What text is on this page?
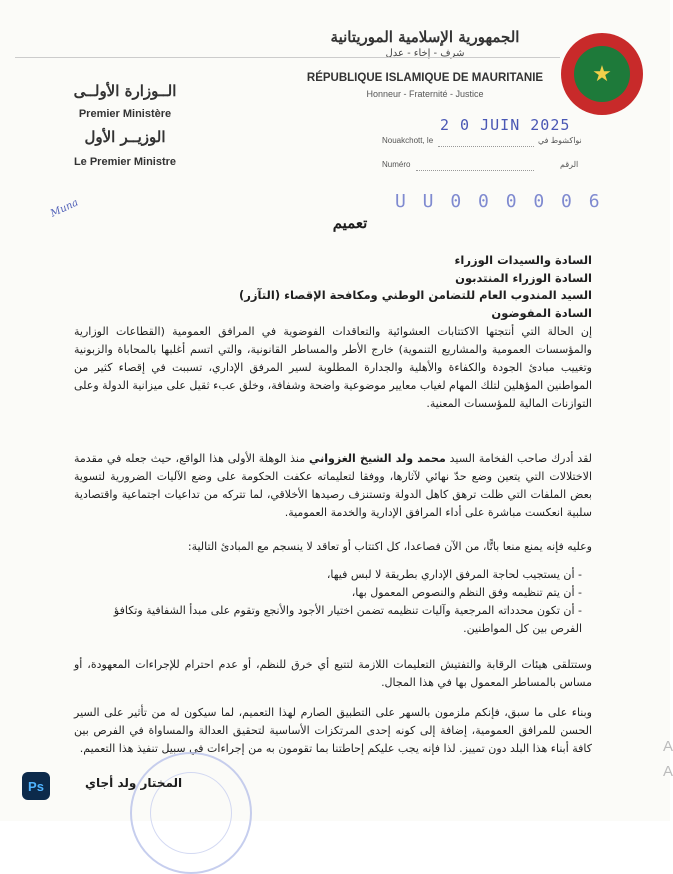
★
الجمهورية الإسلامية الموريتانية
شرف - إخاء - عدل
RÉPUBLIQUE ISLAMIQUE DE MAURITANIE
Honneur - Fraternité - Justice
الــوزارة الأولــى
Premier Ministère
الوزيــر الأول
Le Premier Ministre
Nouakchott, le	نواكشوط في
Numéro	الرقم
2 0 JUIN 2025
U U 0 0 0 0 0 6
Muna
تعميم
السادة والسيدات الوزراء
السادة الوزراء المنتدبون
السيد المندوب العام للتضامن الوطني ومكافحة الإقصاء (التآزر)
السادة المفوضون
إن الحالة التي أنتجتها الاكتتابات العشوائية والتعاقدات الفوضوية في المرافق العمومية (القطاعات الوزارية والمؤسسات العمومية والمشاريع التنموية) خارج الأطر والمساطر القانونية، والتي اتسم أغلبها بالمحاباة والزبونية وتغييب مبادئ الجودة والكفاءة والأهلية والجدارة المطلوبة لسير المرفق الإداري، تسببت في إقصاء كثير من المواطنين المؤهلين لتلك المهام لغياب معايير موضوعية واضحة وشفافة، وخلق عبء ثقيل على ميزانية الدولة وعلى التوازنات المالية للمؤسسات المعنية.
لقد أدرك صاحب الفخامة السيد محمد ولد الشيخ الغزواني منذ الوهلة الأولى هذا الواقع، حيث جعله في مقدمة الاختلالات التي يتعين وضع حدّ نهائي لآثارها، ووفقا لتعليماته عكفت الحكومة على وضع الآليات الضرورية لتسوية بعض الملفات التي ظلت ترهق كاهل الدولة وتستنزف رصيدها الأخلاقي، لما تتركه من تداعيات اجتماعية واقتصادية سلبية انعكست مباشرة على أداء المرافق الإدارية والخدمة العمومية.
وعليه فإنه يمنع منعا باتًّا، من الآن فصاعدا، كل اكتتاب أو تعاقد لا ينسجم مع المبادئ التالية:
- أن يستجيب لحاجة المرفق الإداري بطريقة لا لبس فيها،
- أن يتم تنظيمه وفق النظم والنصوص المعمول بها،
- أن تكون محدداته المرجعية وآليات تنظيمه تضمن اختيار الأجود والأنجع وتقوم على مبدأ الشفافية وتكافؤ الفرص بين كل المواطنين.
وستتلقى هيئات الرقابة والتفتيش التعليمات اللازمة لتتبع أي خرق للنظم، أو عدم احترام للإجراءات المعهودة، أو مساس بالمساطر المعمول بها في هذا المجال.
وبناء على ما سبق، فإنكم ملزمون بالسهر على التطبيق الصارم لهذا التعميم، لما سيكون له من تأثير على السير الحسن للمرافق العمومية، إضافة إلى كونه إحدى المرتكزات الأساسية لتحقيق العدالة والمساواة في الفرص بين كافة أبناء هذا البلد دون تمييز. لذا فإنه يجب عليكم إحاطتنا بما تقومون به من إجراءات في سبيل تنفيذ هذا التعميم.
المختار ولد أجاي
Ps
A
A
